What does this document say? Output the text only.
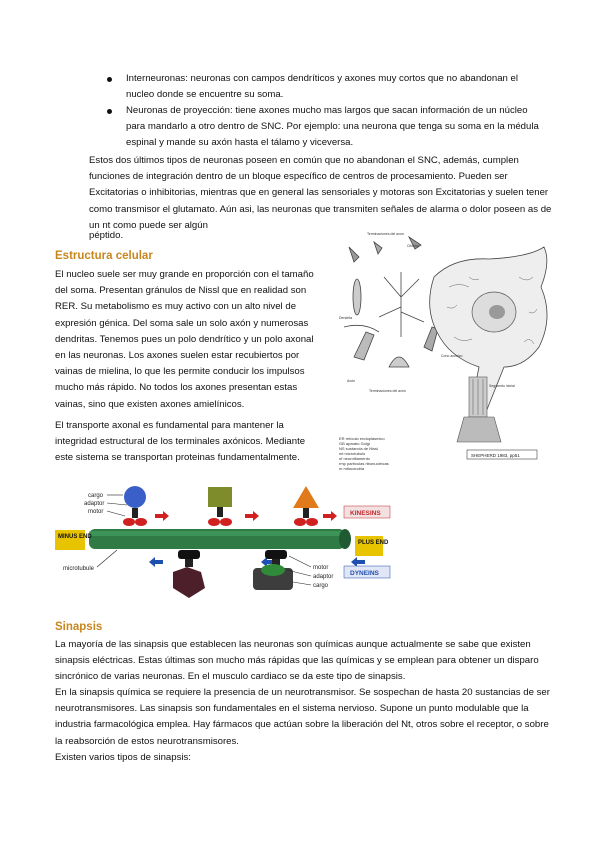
Interneuronas: neuronas con campos dendríticos y axones muy cortos que no abandonan el nucleo donde se encuentre su soma.
Neuronas de proyección: tiene axones mucho mas largos que sacan información de un núcleo para mandarlo a otro dentro de SNC. Por ejemplo: una neurona que tenga su soma en la médula espinal y mande su axón hasta el tálamo y viceversa.

Estos dos últimos tipos de neuronas poseen en común que no abandonan el SNC, además, cumplen funciones de integración dentro de un bloque específico de centros de procesamiento. Pueden ser Excitatorias o inhibitorias, mientras que en general las sensoriales y motoras son Excitatorias y suelen tener como transmisor el glutamato. Aún asi, las neuronas que transmiten señales de alarma o dolor poseen as de un nt como puede ser algún

péptido.

Estructura celular

El nucleo suele ser muy grande en proporción con el tamaño del soma. Presentan gránulos de Nissl que en realidad son RER. Su metabolismo es muy activo con un alto nivel de expresión génica. Del soma sale un solo axón y numerosas dendritas. Tenemos pues un polo dendrítico y un polo axonal en las neuronas. Los axones suelen estar recubiertos por vainas de mielina, lo que les permite conducir los impulsos mucho más rápido. No todos los axones presentan estas vainas, sino que existen axones amielínicos.

El transporte axonal es fundamental para mantener la integridad estructural de los terminales axónicos. Mediante este sistema se transportan proteinas fundamentalmente.

Terminaciones del axon
Cilindro
Dendrita
Axón
Terminaciones del axón
Cono axónico
Segmento inicial
ER retículo endoplásmico
GB aparato Golgi
NS sustancia de Nissl
mt microtubulo
nf neurofilamento
rmp partículas ribonucleicas
m mitocondria
SHEPHERD 1983, pp51
cargo
adaptor
motor	KINESINS
MINUS END
PLUS END
microtubule
DYNEINS
motor
adaptor
cargo
Sinapsis

La mayoría de las sinapsis que establecen las neuronas son químicas aunque actualmente se sabe que existen sinapsis eléctricas. Estas últimas son mucho más rápidas que las químicas y se emplean para obtener un disparo sincrónico de varias neuronas. En el musculo cardiaco se da este tipo de sinapsis.

En la sinapsis química se requiere la presencia de un neurotransmisor. Se sospechan de hasta 20 sustancias de ser neurotransmisores. Las sinapsis son fundamentales en el sistema nervioso. Supone un punto modulable que la industria farmacológica emplea. Hay fármacos que actúan sobre la liberación del Nt, otros sobre el receptor, o sobre la reabsorción de estos neurotransmisores.

Existen varios tipos de sinapsis:
